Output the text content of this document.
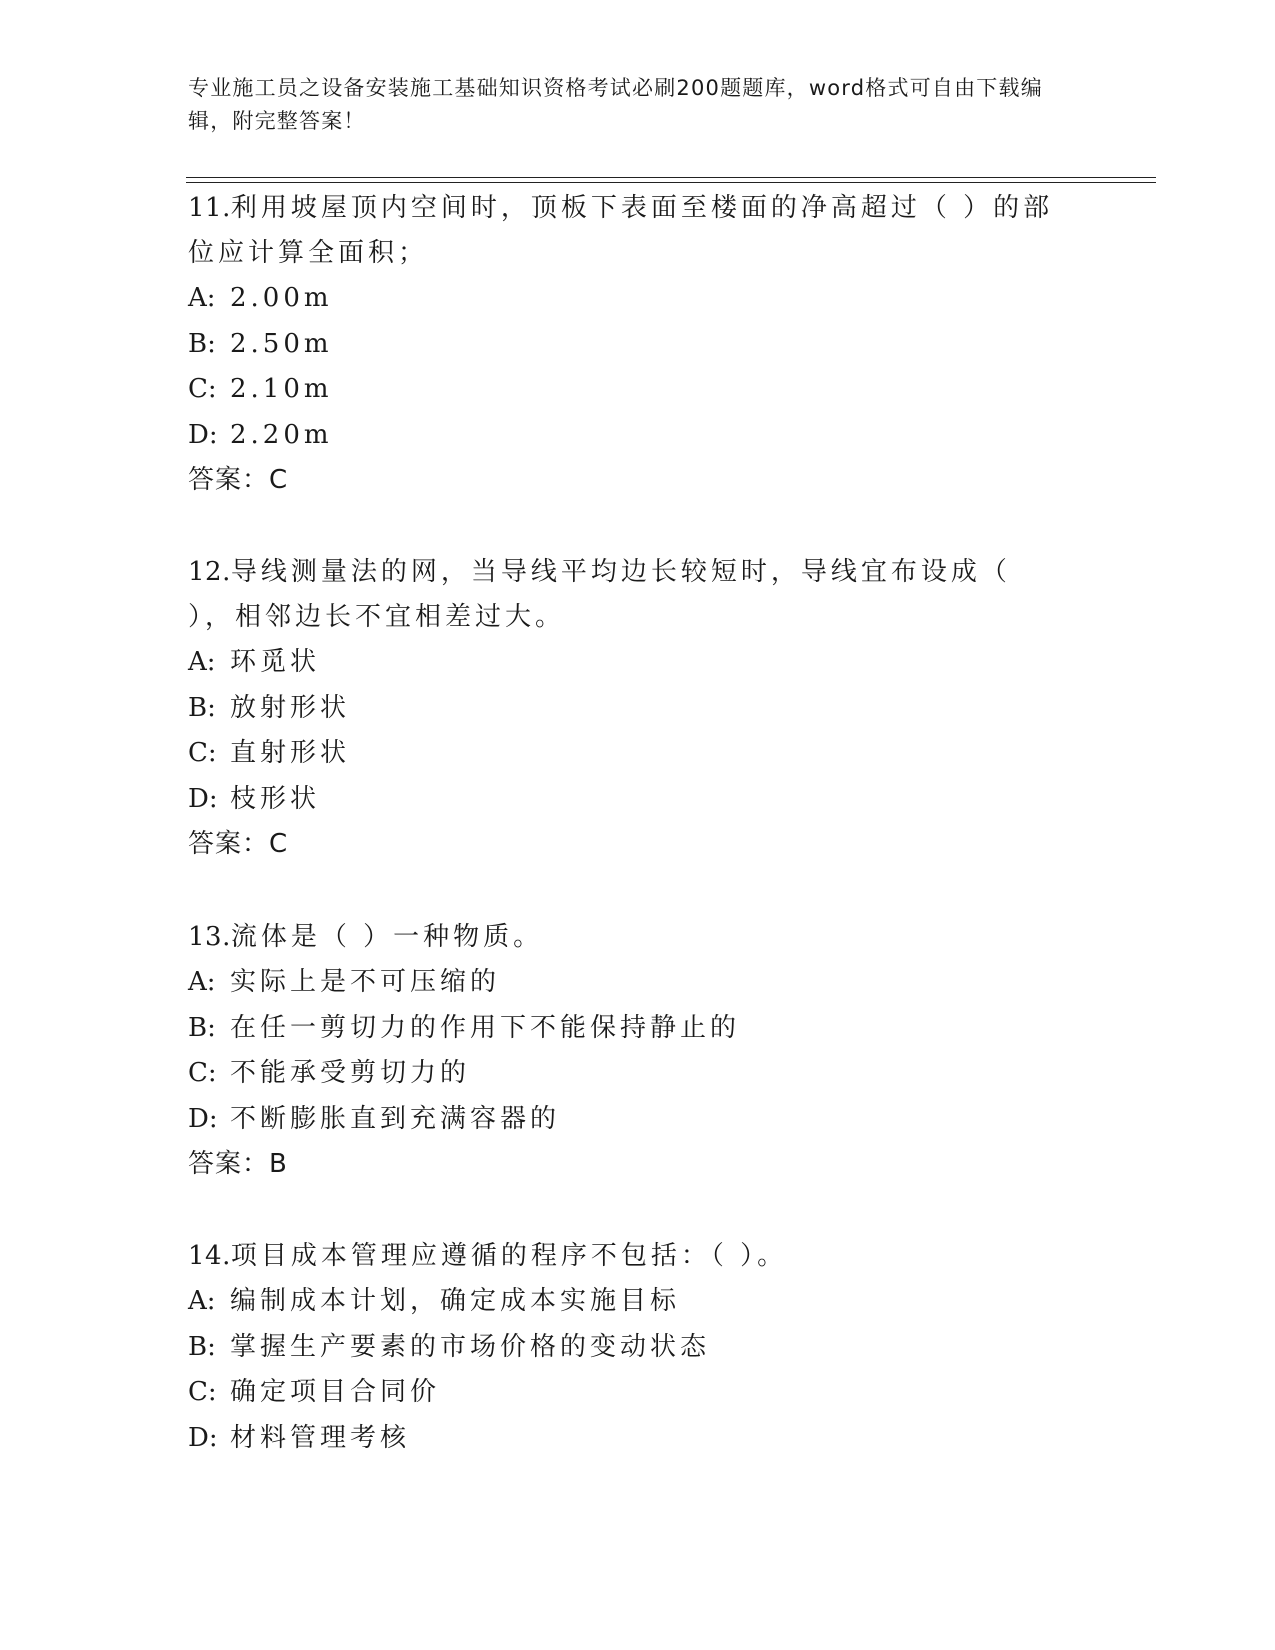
专业施工员之设备安装施工基础知识资格考试必刷200题题库，word格式可自由下载编辑，附完整答案！

11.利用坡屋顶内空间时，顶板下表面至楼面的净高超过（ ）的部位应计算全面积；

A: 2.00m

B: 2.50m

C: 2.10m

D: 2.20m

答案：C

12.导线测量法的网，当导线平均边长较短时，导线宜布设成（ ），相邻边长不宜相差过大。

A: 环觅状

B: 放射形状

C: 直射形状

D: 枝形状

答案：C

13.流体是（ ）一种物质。

A: 实际上是不可压缩的

B: 在任一剪切力的作用下不能保持静止的

C: 不能承受剪切力的

D: 不断膨胀直到充满容器的

答案：B

14.项目成本管理应遵循的程序不包括：（ ）。

A: 编制成本计划，确定成本实施目标

B: 掌握生产要素的市场价格的变动状态

C: 确定项目合同价

D: 材料管理考核
